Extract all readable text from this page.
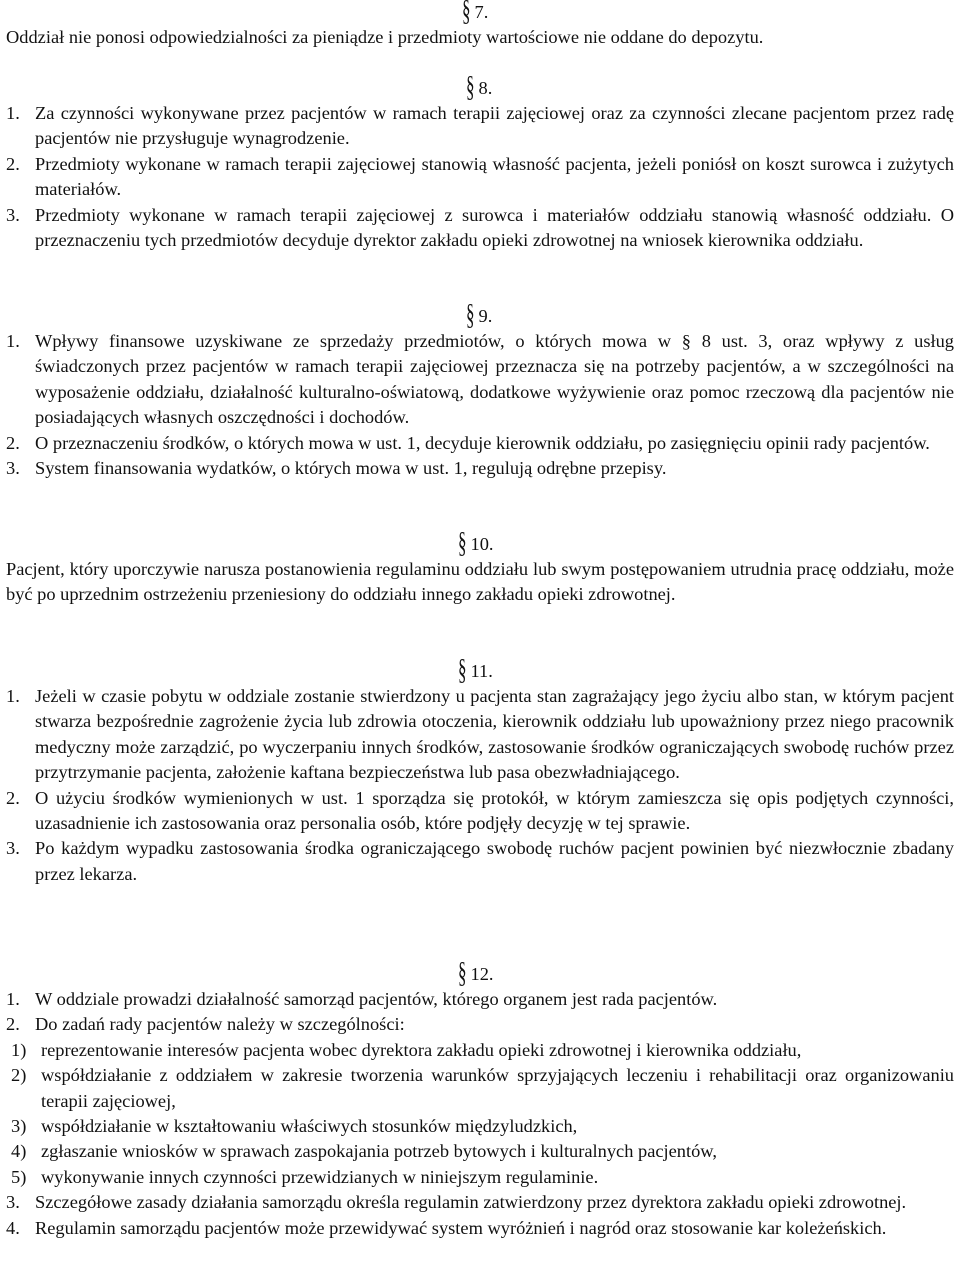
§ 7.

Oddział nie ponosi odpowiedzialności za pieniądze i przedmioty wartościowe nie oddane do depozytu.

§ 8.

1. Za czynności wykonywane przez pacjentów w ramach terapii zajęciowej oraz za czynności zlecane pacjentom przez radę pacjentów nie przysługuje wynagrodzenie.

2. Przedmioty wykonane w ramach terapii zajęciowej stanowią własność pacjenta, jeżeli poniósł on koszt surowca i zużytych materiałów.

3. Przedmioty wykonane w ramach terapii zajęciowej z surowca i materiałów oddziału stanowią własność oddziału. O przeznaczeniu tych przedmiotów decyduje dyrektor zakładu opieki zdrowotnej na wniosek kierownika oddziału.

§ 9.

1. Wpływy finansowe uzyskiwane ze sprzedaży przedmiotów, o których mowa w § 8 ust. 3, oraz wpływy z usług świadczonych przez pacjentów w ramach terapii zajęciowej przeznacza się na potrzeby pacjentów, a w szczególności na wyposażenie oddziału, działalność kulturalno-oświatową, dodatkowe wyżywienie oraz pomoc rzeczową dla pacjentów nie posiadających własnych oszczędności i dochodów.

2. O przeznaczeniu środków, o których mowa w ust. 1, decyduje kierownik oddziału, po zasięgnięciu opinii rady pacjentów.

3. System finansowania wydatków, o których mowa w ust. 1, regulują odrębne przepisy.

§ 10.

Pacjent, który uporczywie narusza postanowienia regulaminu oddziału lub swym postępowaniem utrudnia pracę oddziału, może być po uprzednim ostrzeżeniu przeniesiony do oddziału innego zakładu opieki zdrowotnej.

§ 11.

1. Jeżeli w czasie pobytu w oddziale zostanie stwierdzony u pacjenta stan zagrażający jego życiu albo stan, w którym pacjent stwarza bezpośrednie zagrożenie życia lub zdrowia otoczenia, kierownik oddziału lub upoważniony przez niego pracownik medyczny może zarządzić, po wyczerpaniu innych środków, zastosowanie środków ograniczających swobodę ruchów przez przytrzymanie pacjenta, założenie kaftana bezpieczeństwa lub pasa obezwładniającego.

2. O użyciu środków wymienionych w ust. 1 sporządza się protokół, w którym zamieszcza się opis podjętych czynności, uzasadnienie ich zastosowania oraz personalia osób, które podjęły decyzję w tej sprawie.

3. Po każdym wypadku zastosowania środka ograniczającego swobodę ruchów pacjent powinien być niezwłocznie zbadany przez lekarza.

§ 12.

1. W oddziale prowadzi działalność samorząd pacjentów, którego organem jest rada pacjentów.

2. Do zadań rady pacjentów należy w szczególności:

1) reprezentowanie interesów pacjenta wobec dyrektora zakładu opieki zdrowotnej i kierownika oddziału,

2) współdziałanie z oddziałem w zakresie tworzenia warunków sprzyjających leczeniu i rehabilitacji oraz organizowaniu terapii zajęciowej,

3) współdziałanie w kształtowaniu właściwych stosunków międzyludzkich,

4) zgłaszanie wniosków w sprawach zaspokajania potrzeb bytowych i kulturalnych pacjentów,

5) wykonywanie innych czynności przewidzianych w niniejszym regulaminie.

3. Szczegółowe zasady działania samorządu określa regulamin zatwierdzony przez dyrektora zakładu opieki zdrowotnej.

4. Regulamin samorządu pacjentów może przewidywać system wyróżnień i nagród oraz stosowanie kar koleżeńskich.
